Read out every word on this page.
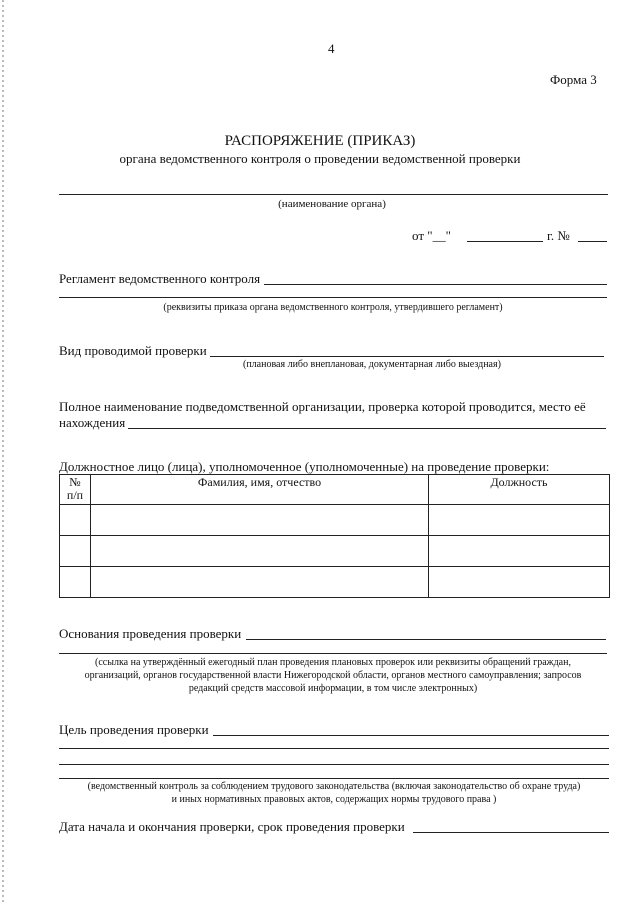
4
Форма 3
РАСПОРЯЖЕНИЕ (ПРИКАЗ)
органа ведомственного контроля о проведении ведомственной проверки
(наименование органа)
от "__"	г. №
Регламент ведомственного контроля
(реквизиты приказа органа ведомственного контроля, утвердившего регламент)
Вид проводимой проверки
(плановая либо внеплановая, документарная либо выездная)
Полное наименование подведомственной организации, проверка которой проводится, место её
нахождения
Должностное лицо (лица), уполномоченное (уполномоченные) на проведение проверки:
№
п/п	Фамилия, имя, отчество	Должность

Основания проведения проверки
(ссылка на утверждённый ежегодный план проведения плановых проверок или реквизиты обращений граждан,
организаций, органов государственной власти Нижегородской области, органов местного самоуправления; запросов
редакций средств массовой информации, в том числе электронных)
Цель проведения проверки
(ведомственный контроль за соблюдением трудового законодательства (включая законодательство об охране труда)
и иных нормативных правовых актов, содержащих нормы трудового права )
Дата начала и окончания проверки, срок проведения проверки
